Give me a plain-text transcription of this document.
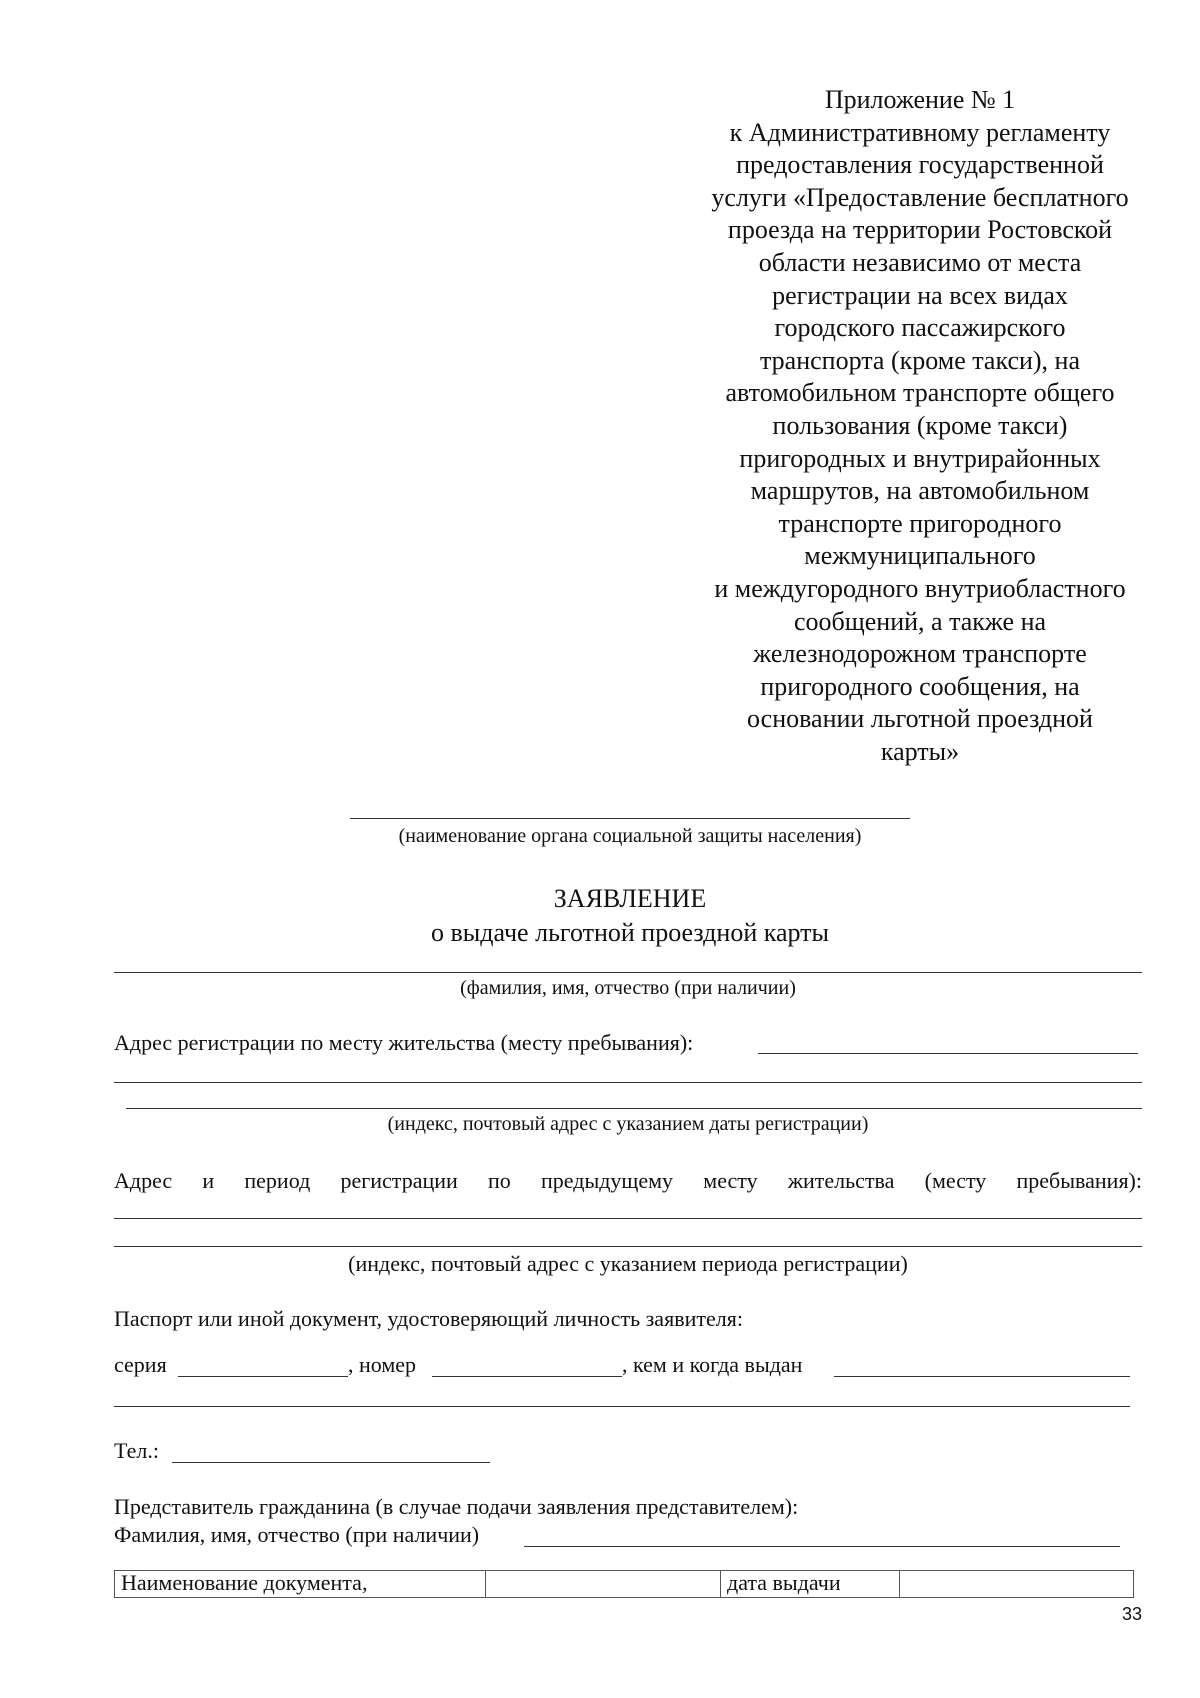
Приложение № 1
к Административному регламенту
предоставления государственной
услуги «Предоставление бесплатного
проезда на территории Ростовской
области независимо от места
регистрации на всех видах
городского пассажирского
транспорта (кроме такси), на
автомобильном транспорте общего
пользования (кроме такси)
пригородных и внутрирайонных
маршрутов, на автомобильном
транспорте пригородного
межмуниципального
и междугородного внутриобластного
сообщений, а также на
железнодорожном транспорте
пригородного сообщения, на
основании льготной проездной
карты»
(наименование органа социальной защиты населения)
ЗАЯВЛЕНИЕ
о выдаче льготной проездной карты
(фамилия, имя, отчество (при наличии)
Адрес регистрации по месту жительства (месту пребывания):
(индекс, почтовый адрес с указанием даты регистрации)
Адрес и период регистрации по предыдущему месту жительства (месту пребывания):
(индекс, почтовый адрес с указанием периода регистрации)
Паспорт или иной документ, удостоверяющий личность заявителя:
серия	, номер	, кем и когда выдан
Тел.:
Представитель гражданина (в случае подачи заявления представителем):
Фамилия, имя, отчество (при наличии)
Наименование документа,		дата выдачи	
33
